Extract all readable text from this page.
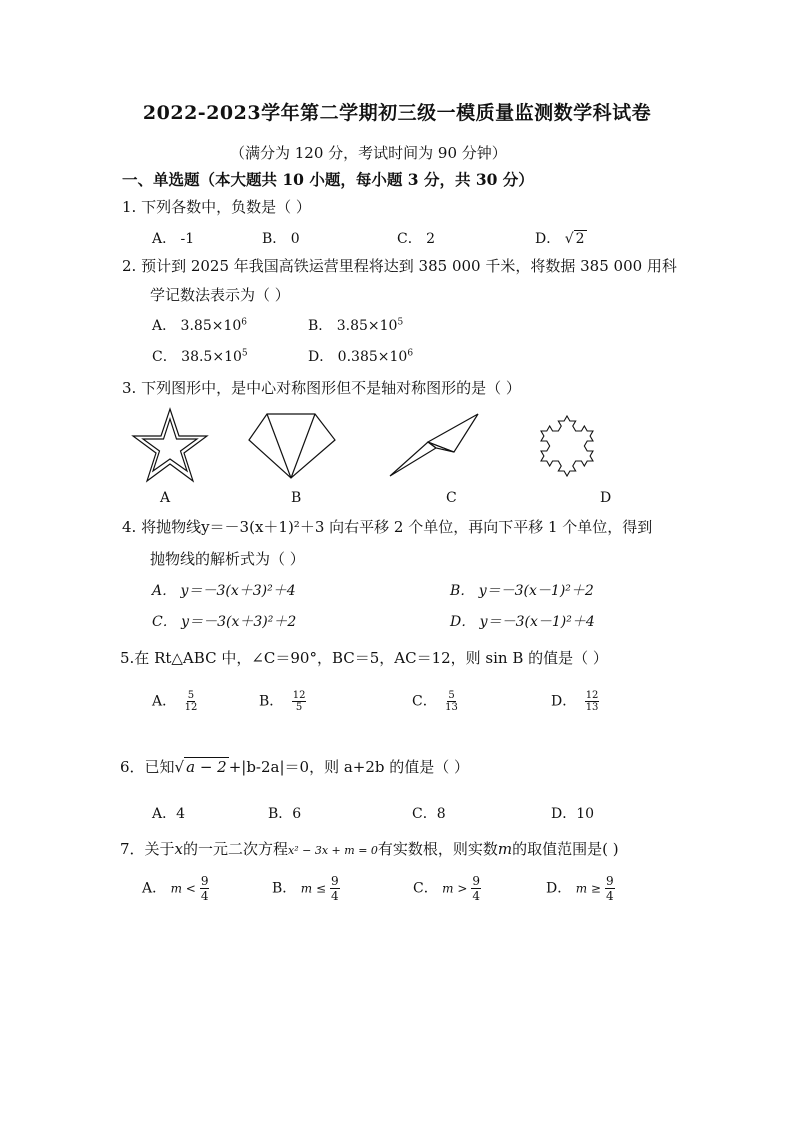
2022-2023学年第二学期初三级一模质量监测数学科试卷
（满分为 120 分，考试时间为 90 分钟）
一、单选题（本大题共 10 小题，每小题 3 分，共 30 分）
1. 下列各数中，负数是（ ）
A． -1	B． 0	C． 2	D． √ 2
2. 预计到 2025 年我国高铁运营里程将达到 385 000 千米，将数据 385 000 用科
学记数法表示为（ ）
A． $3.85\times 10^6$	B． $3.85\times 10^5$
C． $38.5\times 10^5$	D． $0.385\times 10^6$
3. 下列图形中，是中心对称图形但不是轴对称图形的是（ ）
A	B	C	D
4. 将抛物线y＝－3(x＋1)²＋3 向右平移 2 个单位，再向下平移 1 个单位，得到
抛物线的解析式为（ ）
A． y＝－3(x＋3)²＋4	B． y＝－3(x－1)²＋2
C． y＝－3(x＋3)²＋2	D． y＝－3(x－1)²＋4
5.在 Rt△ABC 中，∠C＝90°，BC＝5，AC＝12，则 sin B 的值是（ ）
A． $\frac{5}{12}$	B． $\frac{12}{5}$	C． $\frac{5}{13}$	D． $\frac{12}{13}$
6．已知√ a − 2 +|b-2a|＝0，则 a+2b 的值是（ ）
A．4	B．6	C．8	D．10
7．关于x的一元二次方程x² − 3x + m = 0有实数根，则实数m的取值范围是( )
A． $m < \frac{9}{4}$	B． $m \le \frac{9}{4}$	C． $m > \frac{9}{4}$	D． $m \ge \frac{9}{4}$
